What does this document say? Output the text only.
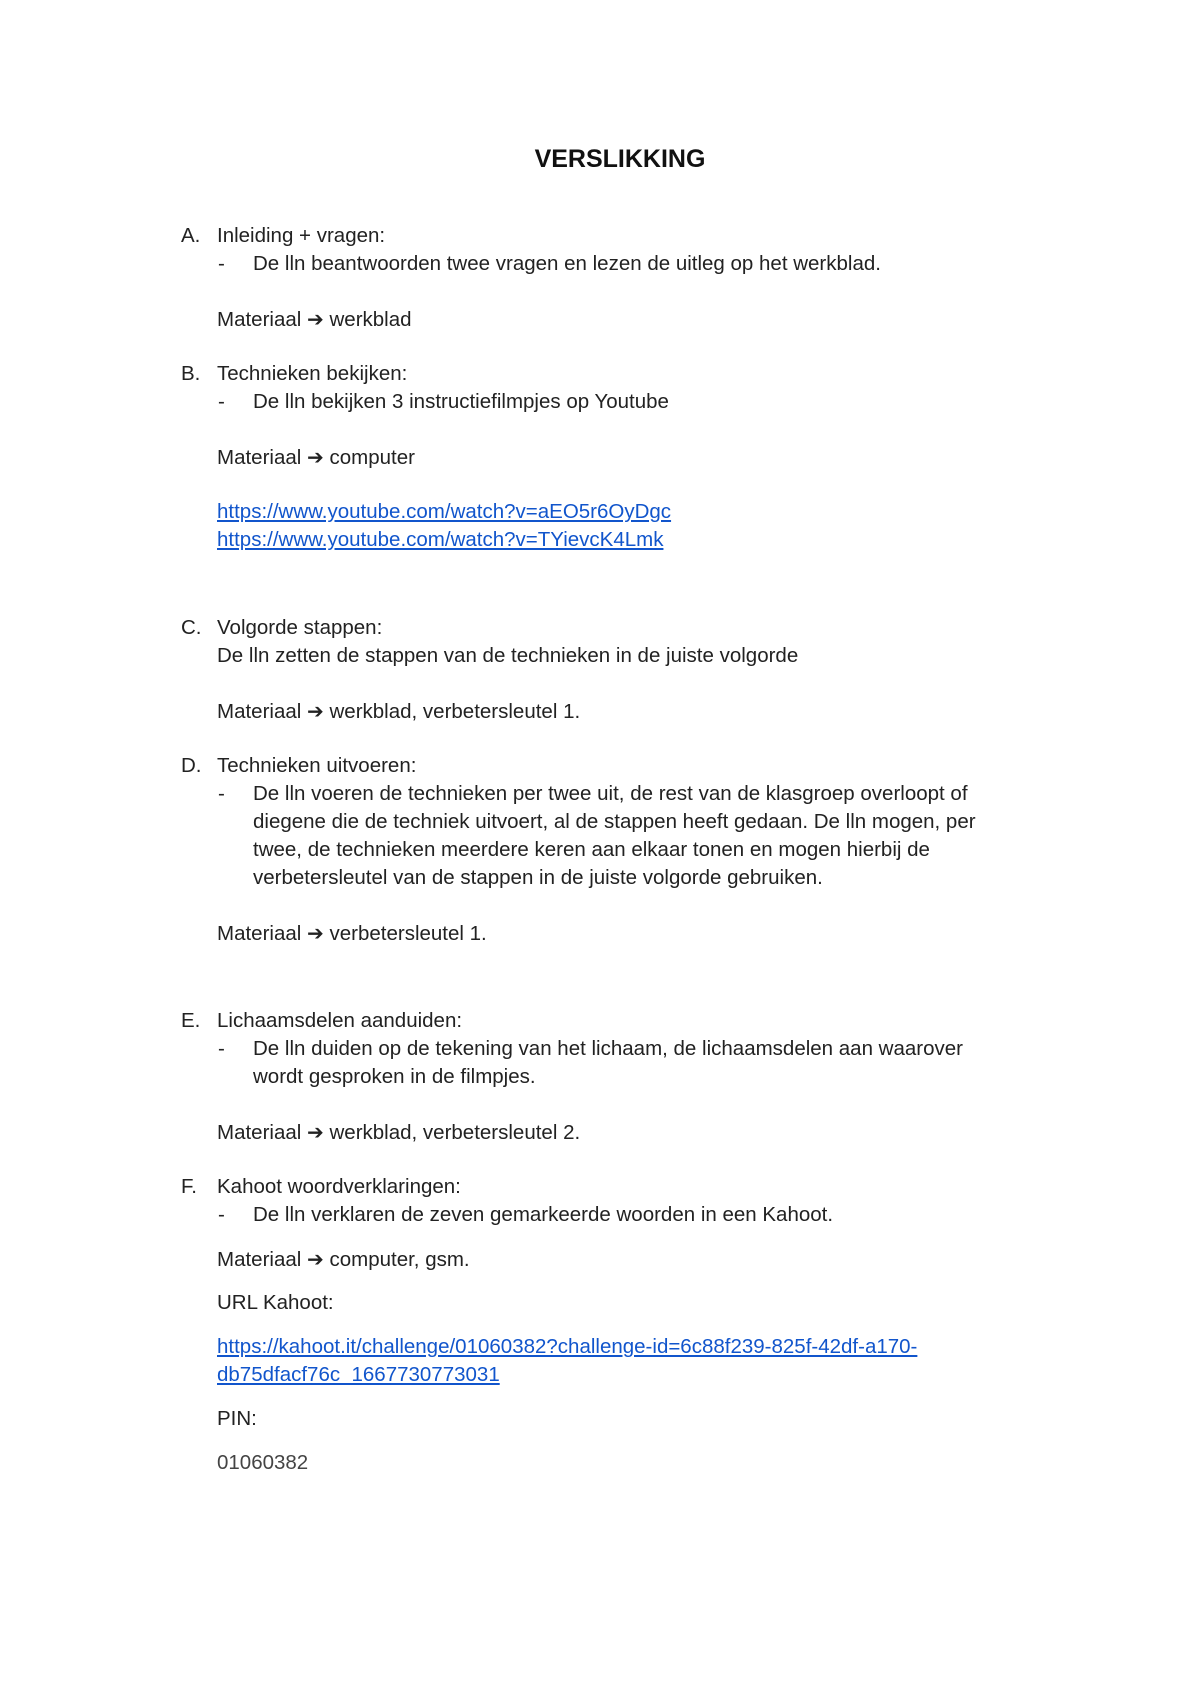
VERSLIKKING
A. Inleiding + vragen:
- De lln beantwoorden twee vragen en lezen de uitleg op het werkblad.
Materiaal ➔ werkblad
B. Technieken bekijken:
- De lln bekijken 3 instructiefilmpjes op Youtube
Materiaal ➔ computer
https://www.youtube.com/watch?v=aEO5r6OyDgc
https://www.youtube.com/watch?v=TYievcK4Lmk
C. Volgorde stappen:
De lln zetten de stappen van de technieken in de juiste volgorde
Materiaal ➔ werkblad, verbetersleutel 1.
D. Technieken uitvoeren:
- De lln voeren de technieken per twee uit, de rest van de klasgroep overloopt of
diegene die de techniek uitvoert, al de stappen heeft gedaan. De lln mogen, per
twee, de technieken meerdere keren aan elkaar tonen en mogen hierbij de
verbetersleutel van de stappen in de juiste volgorde gebruiken.
Materiaal ➔ verbetersleutel 1.
E. Lichaamsdelen aanduiden:
- De lln duiden op de tekening van het lichaam, de lichaamsdelen aan waarover
wordt gesproken in de filmpjes.
Materiaal ➔ werkblad, verbetersleutel 2.
F. Kahoot woordverklaringen:
- De lln verklaren de zeven gemarkeerde woorden in een Kahoot.
Materiaal ➔ computer, gsm.
URL Kahoot:
https://kahoot.it/challenge/01060382?challenge-id=6c88f239-825f-42df-a170-
db75dfacf76c_1667730773031
PIN:
01060382
